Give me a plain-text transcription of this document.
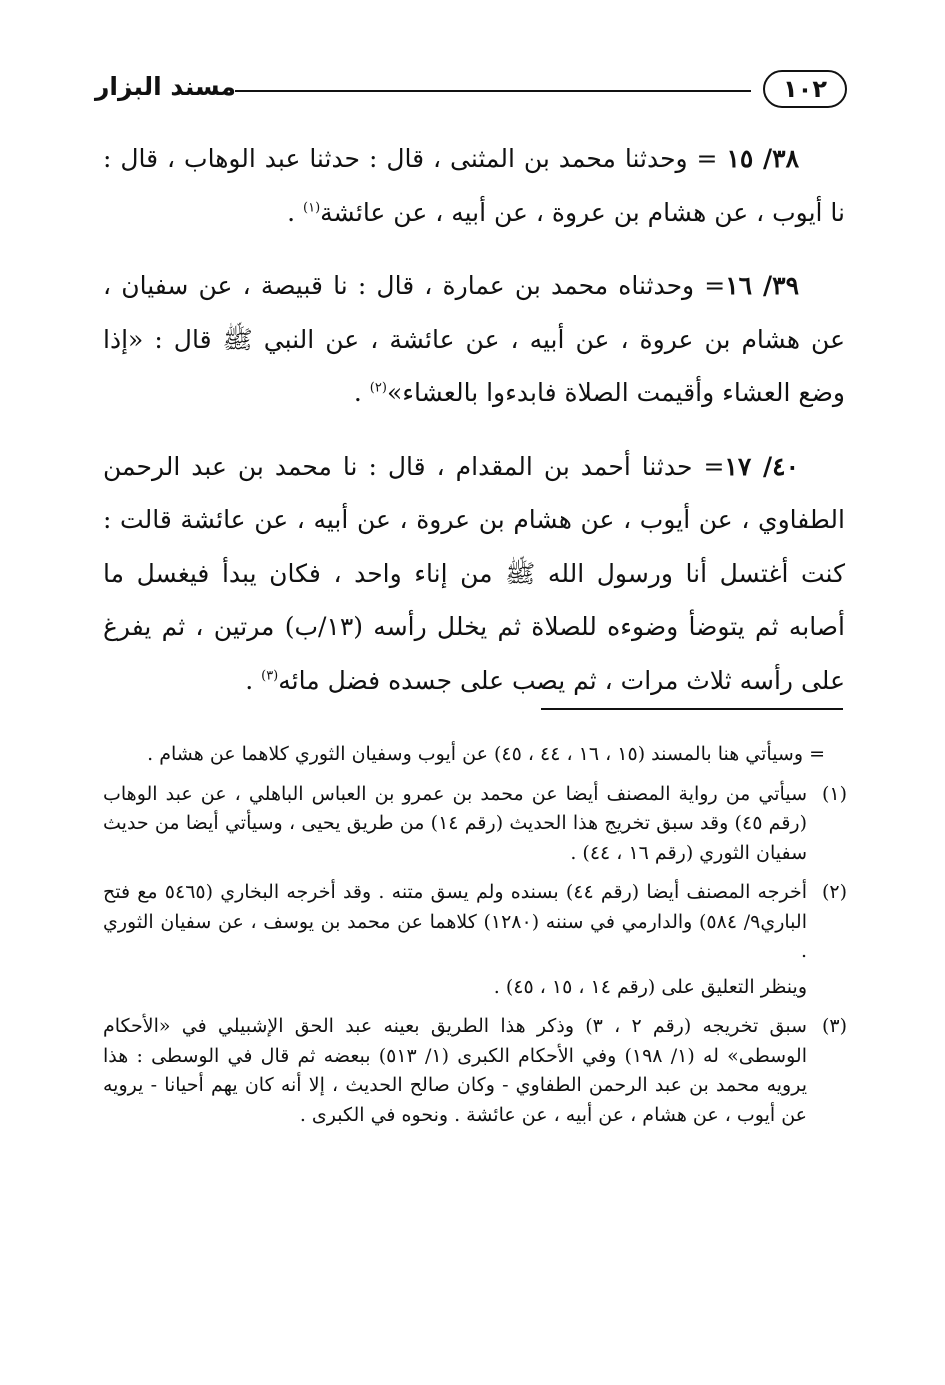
١٠٢
مسند البزار

٣٨/ ١٥ = وحدثنا محمد بن المثنى ، قال : حدثنا عبد الوهاب ، قال : نا أيوب ، عن هشام بن عروة ، عن أبيه ، عن عائشة$^{(١)}$ .

٣٩/ ١٦= وحدثناه محمد بن عمارة ، قال : نا قبيصة ، عن سفيان ، عن هشام بن عروة ، عن أبيه ، عن عائشة ، عن النبي ﷺ قال : «إذا وضع العشاء وأقيمت الصلاة فابدءوا بالعشاء»$^{(٢)}$ .

٤٠/ ١٧= حدثنا أحمد بن المقدام ، قال : نا محمد بن عبد الرحمن الطفاوي ، عن أيوب ، عن هشام بن عروة ، عن أبيه ، عن عائشة قالت : كنت أغتسل أنا ورسول الله ﷺ من إناء واحد ، فكان يبدأ فيغسل ما أصابه ثم يتوضأ وضوءه للصلاة ثم يخلل رأسه (١٣/ب) مرتين ، ثم يفرغ على رأسه ثلاث مرات ، ثم يصب على جسده فضل مائه$^{(٣)}$ .

= وسيأتي هنا بالمسند (١٥ ، ١٦ ، ٤٤ ، ٤٥) عن أيوب وسفيان الثوري كلاهما عن هشام .
(١)
سيأتي من رواية المصنف أيضا عن محمد بن عمرو بن العباس الباهلي ، عن عبد الوهاب (رقم ٤٥) وقد سبق تخريج هذا الحديث (رقم ١٤) من طريق يحيى ، وسيأتي أيضا من حديث سفيان الثوري (رقم ١٦ ، ٤٤) .
(٢)
أخرجه المصنف أيضا (رقم ٤٤) بسنده ولم يسق متنه . وقد أخرجه البخاري (٥٤٦٥ مع فتح الباري٩/ ٥٨٤) والدارمي في سننه (١٢٨٠) كلاهما عن محمد بن يوسف ، عن سفيان الثوري .
وينظر التعليق على (رقم ١٤ ، ١٥ ، ٤٥) .
(٣)
سبق تخريجه (رقم ٢ ، ٣) وذكر هذا الطريق بعينه عبد الحق الإشبيلي في «الأحكام الوسطى» له (١/ ١٩٨) وفي الأحكام الكبرى (١/ ٥١٣) ببعضه ثم قال في الوسطى : هذا يرويه محمد بن عبد الرحمن الطفاوي - وكان صالح الحديث ، إلا أنه كان يهم أحيانا - يرويه عن أيوب ، عن هشام ، عن أبيه ، عن عائشة . ونحوه في الكبرى .
